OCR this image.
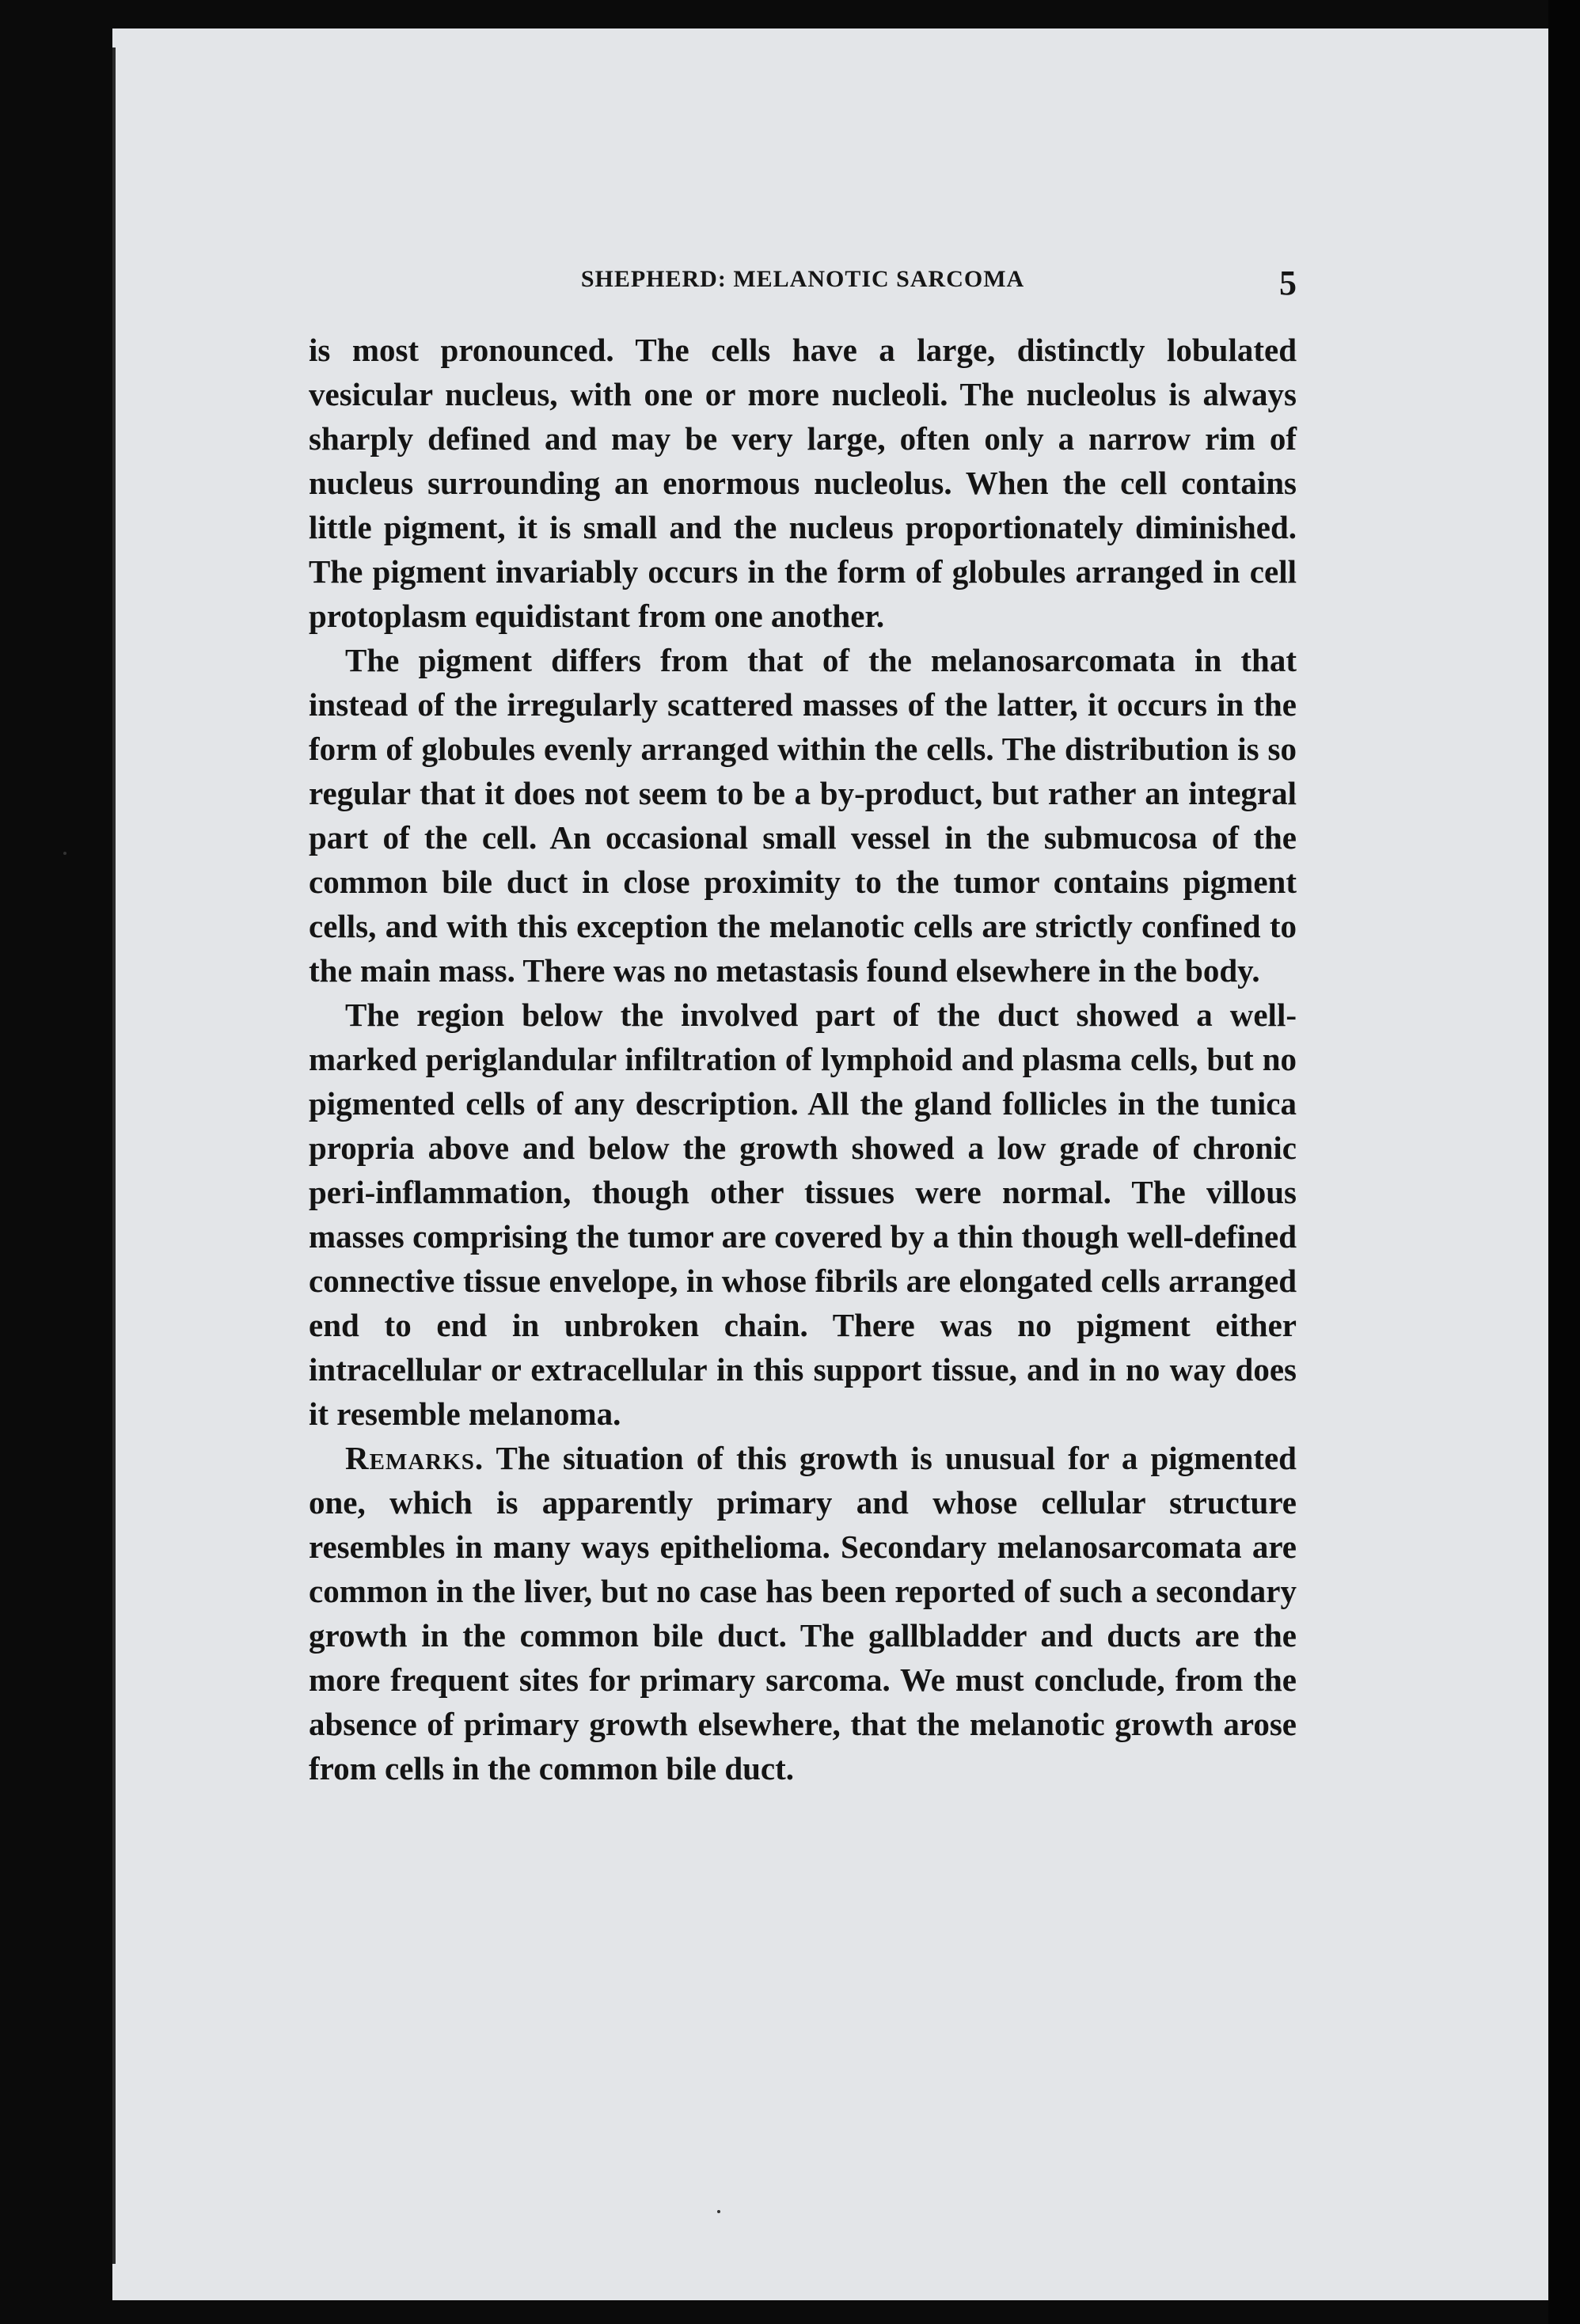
SHEPHERD: MELANOTIC SARCOMA	5

is most pronounced. The cells have a large, distinctly lobulated vesicular nucleus, with one or more nucleoli. The nucleolus is always sharply defined and may be very large, often only a narrow rim of nucleus surrounding an enormous nucleolus. When the cell contains little pigment, it is small and the nucleus proportionately diminished. The pigment invariably occurs in the form of globules arranged in cell protoplasm equidistant from one another.

The pigment differs from that of the melanosarcomata in that instead of the irregularly scattered masses of the latter, it occurs in the form of globules evenly arranged within the cells. The distribution is so regular that it does not seem to be a by-product, but rather an integral part of the cell. An occasional small vessel in the submucosa of the common bile duct in close proximity to the tumor contains pigment cells, and with this exception the melanotic cells are strictly confined to the main mass. There was no metastasis found elsewhere in the body.

The region below the involved part of the duct showed a well-marked periglandular infiltration of lymphoid and plasma cells, but no pigmented cells of any description. All the gland follicles in the tunica propria above and below the growth showed a low grade of chronic peri-inflammation, though other tissues were normal. The villous masses comprising the tumor are covered by a thin though well-defined connective tissue envelope, in whose fibrils are elongated cells arranged end to end in unbroken chain. There was no pigment either intracellular or extracellular in this support tissue, and in no way does it resemble melanoma.

Remarks. The situation of this growth is unusual for a pigmented one, which is apparently primary and whose cellular structure resembles in many ways epithelioma. Secondary melanosarcomata are common in the liver, but no case has been reported of such a secondary growth in the common bile duct. The gallbladder and ducts are the more frequent sites for primary sarcoma. We must conclude, from the absence of primary growth elsewhere, that the melanotic growth arose from cells in the common bile duct.
